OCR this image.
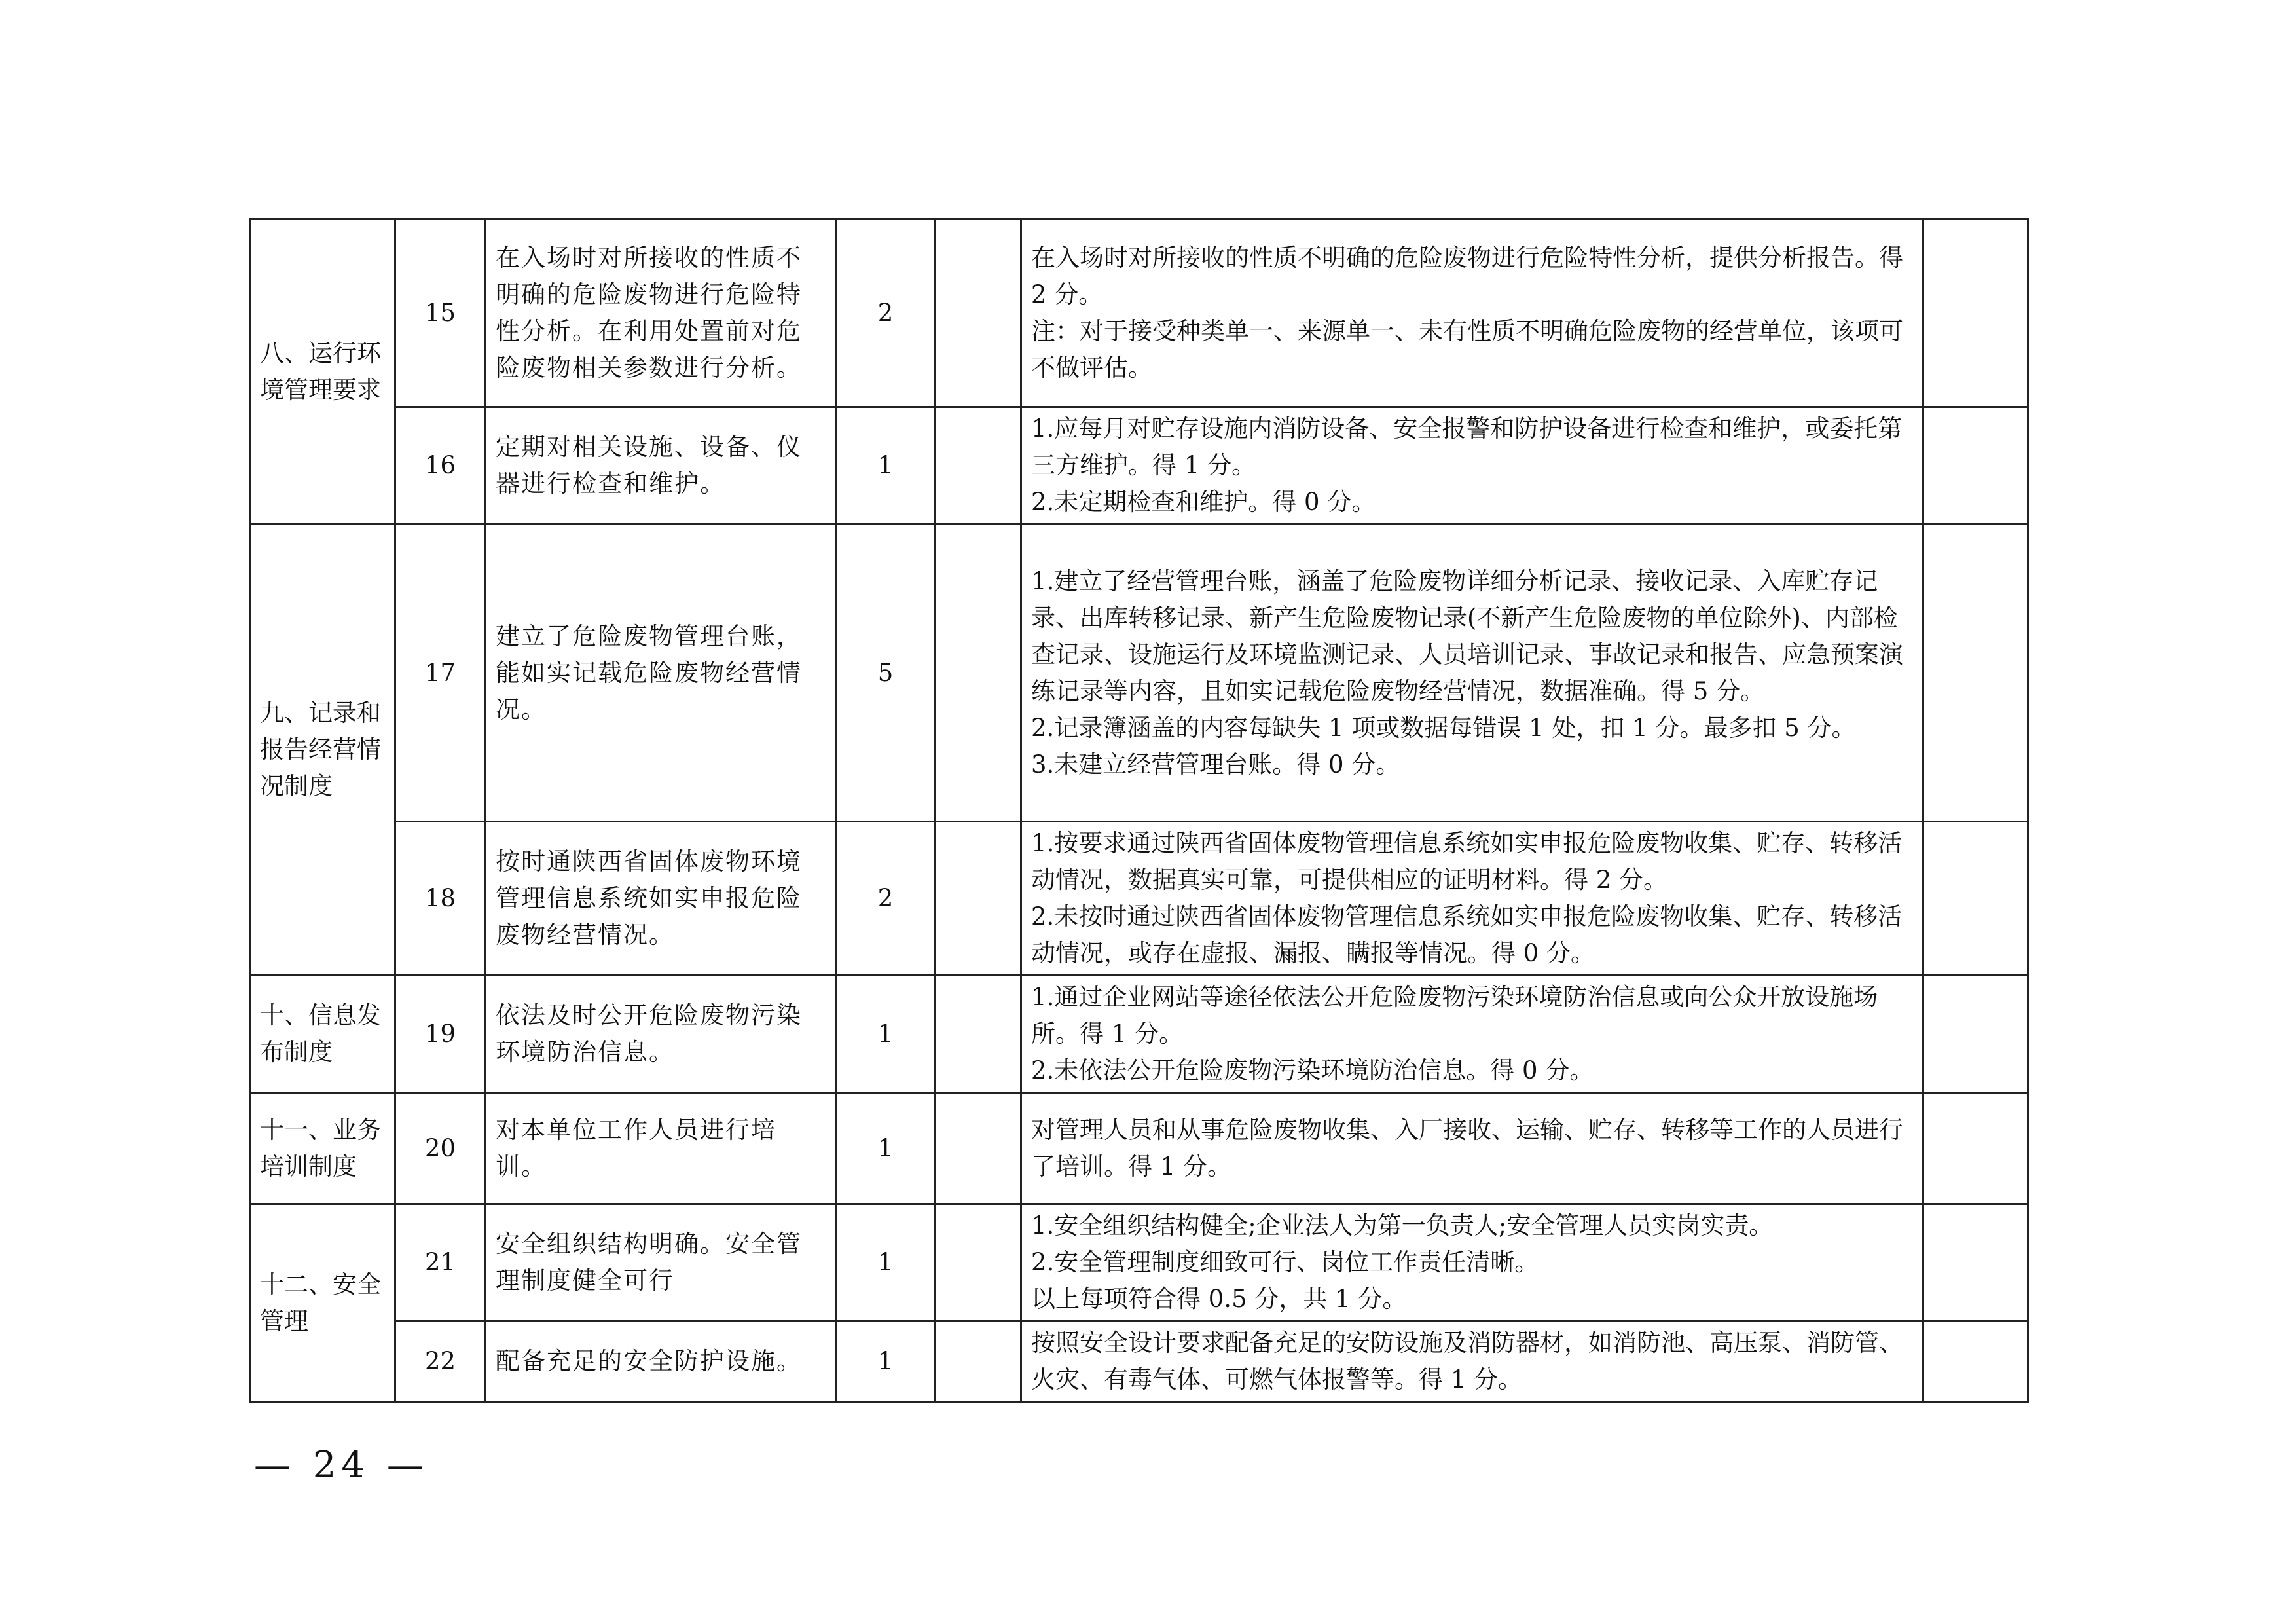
八、运行环境管理要求	15	在入场时对所接收的性质不明确的危险废物进行危险特性分析。在利用处置前对危险废物相关参数进行分析。	2		在入场时对所接收的性质不明确的危险废物进行危险特性分析，提供分析报告。得 2 分。
注：对于接受种类单一、来源单一、未有性质不明确危险废物的经营单位，该项可不做评估。	

	16	定期对相关设施、设备、仪器进行检查和维护。	1		1.应每月对贮存设施内消防设备、安全报警和防护设备进行检查和维护，或委托第三方维护。得 1 分。
2.未定期检查和维护。得 0 分。	

九、记录和报告经营情况制度	17	建立了危险废物管理台账，能如实记载危险废物经营情况。	5		1.建立了经营管理台账，涵盖了危险废物详细分析记录、接收记录、入库贮存记录、出库转移记录、新产生危险废物记录(不新产生危险废物的单位除外)、内部检查记录、设施运行及环境监测记录、人员培训记录、事故记录和报告、应急预案演练记录等内容，且如实记载危险废物经营情况，数据准确。得 5 分。
2.记录簿涵盖的内容每缺失 1 项或数据每错误 1 处，扣 1 分。最多扣 5 分。
3.未建立经营管理台账。得 0 分。	

	18	按时通陕西省固体废物环境管理信息系统如实申报危险废物经营情况。	2		1.按要求通过陕西省固体废物管理信息系统如实申报危险废物收集、贮存、转移活动情况，数据真实可靠，可提供相应的证明材料。得 2 分。
2.未按时通过陕西省固体废物管理信息系统如实申报危险废物收集、贮存、转移活动情况，或存在虚报、漏报、瞒报等情况。得 0 分。	

十、信息发布制度	19	依法及时公开危险废物污染环境防治信息。	1		1.通过企业网站等途径依法公开危险废物污染环境防治信息或向公众开放设施场所。得 1 分。
2.未依法公开危险废物污染环境防治信息。得 0 分。	

十一、业务培训制度	20	对本单位工作人员进行培训。	1		对管理人员和从事危险废物收集、入厂接收、运输、贮存、转移等工作的人员进行了培训。得 1 分。	

十二、安全管理	21	安全组织结构明确。安全管理制度健全可行	1		1.安全组织结构健全;企业法人为第一负责人;安全管理人员实岗实责。
2.安全管理制度细致可行、岗位工作责任清晰。
以上每项符合得 0.5 分，共 1 分。	

	22	配备充足的安全防护设施。	1		按照安全设计要求配备充足的安防设施及消防器材，如消防池、高压泵、消防管、火灾、有毒气体、可燃气体报警等。得 1 分。	

— 24 —
